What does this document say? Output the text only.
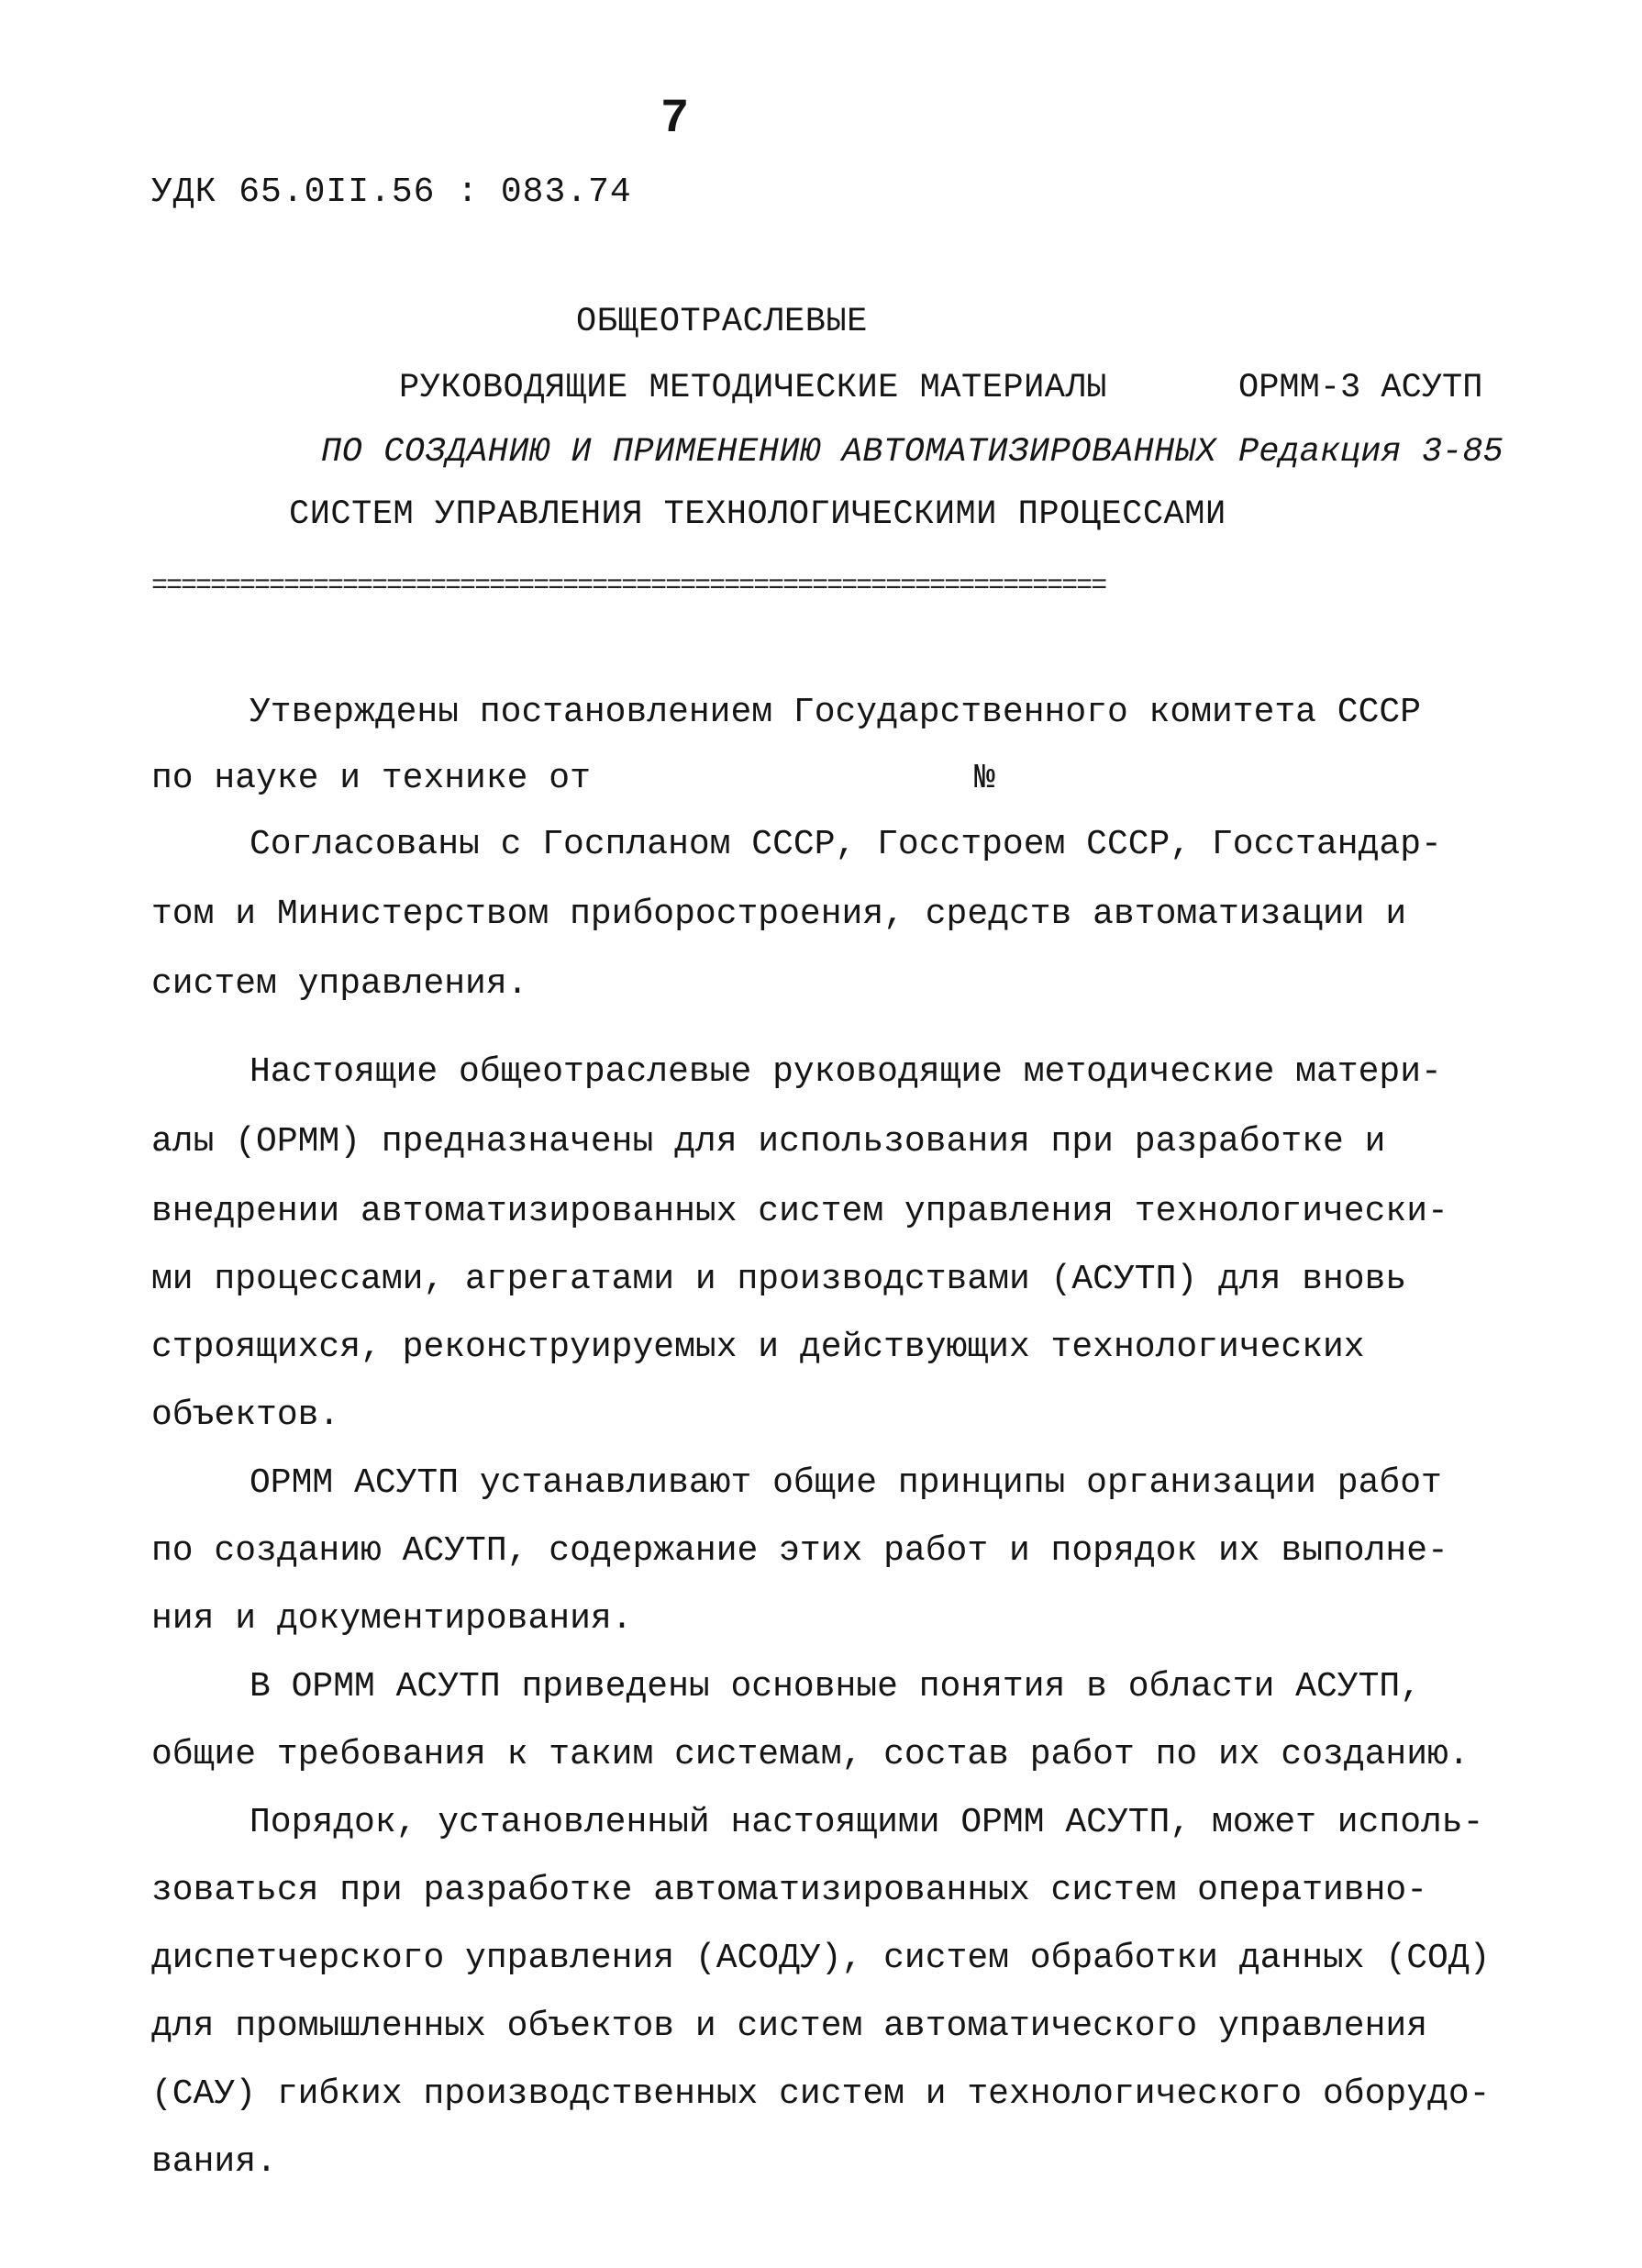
7
УДК 65.0II.56 : 083.74
ОБЩЕОТРАСЛЕВЫЕ
РУКОВОДЯЩИЕ МЕТОДИЧЕСКИЕ МАТЕРИАЛЫ
ПО СОЗДАНИЮ И ПРИМЕНЕНИЮ АВТОМАТИЗИРОВАННЫХ
СИСТЕМ УПРАВЛЕНИЯ ТЕХНОЛОГИЧЕСКИМИ ПРОЦЕССАМИ
ОРММ-3 АСУТП
Редакция 3-85
=================================================================
Утверждены постановлением Государственного комитета СССР
по науке и технике от	№
Согласованы с Госпланом СССР, Госстроем СССР, Госстандар-
том и Министерством приборостроения, средств автоматизации и
систем управления.
Настоящие общеотраслевые руководящие методические матери-
алы (ОРММ) предназначены для использования при разработке и
внедрении автоматизированных систем управления технологически-
ми процессами, агрегатами и производствами (АСУТП) для вновь
строящихся, реконструируемых и действующих технологических
объектов.
ОРММ АСУТП устанавливают общие принципы организации работ
по созданию АСУТП, содержание этих работ и порядок их выполне-
ния и документирования.
В ОРММ АСУТП приведены основные понятия в области АСУТП,
общие требования к таким системам, состав работ по их созданию.
Порядок, установленный настоящими ОРММ АСУТП, может исполь-
зоваться при разработке автоматизированных систем оперативно-
диспетчерского управления (АСОДУ), систем обработки данных (СОД)
для промышленных объектов и систем автоматического управления
(САУ) гибких производственных систем и технологического оборудо-
вания.
